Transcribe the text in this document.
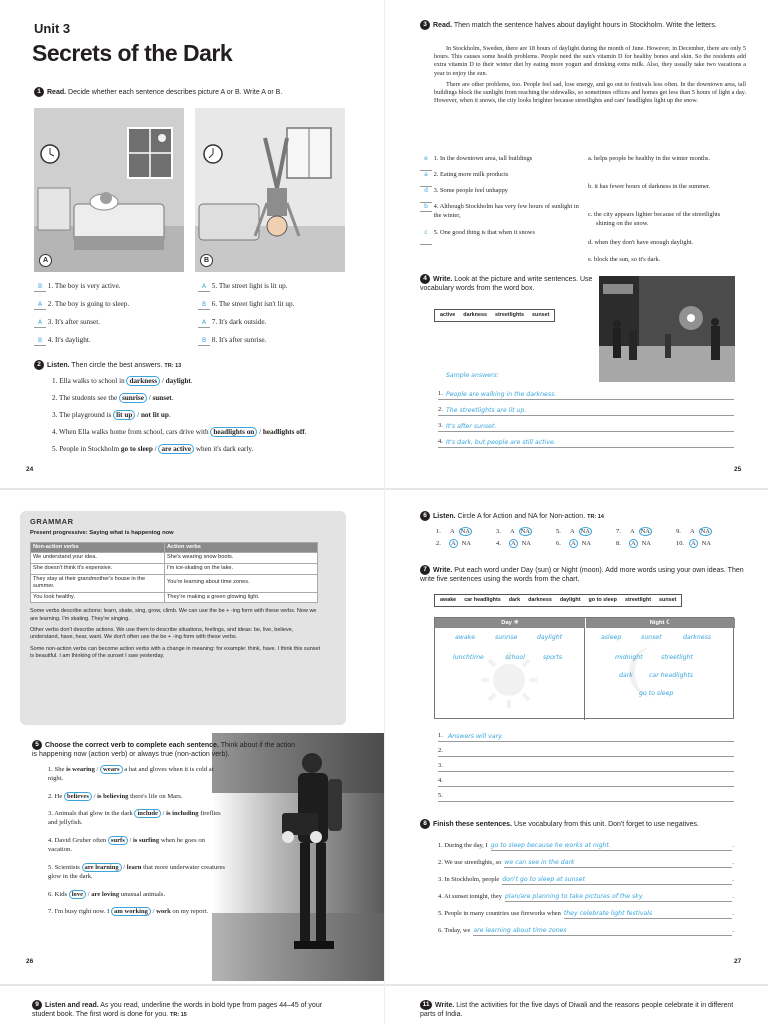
Unit 3
Secrets of the Dark
1 Read. Decide whether each sentence describes picture A or B. Write A or B.
A	B
B 1. The boy is very active.
A 2. The boy is going to sleep.
A 3. It's after sunset.
B 4. It's daylight.
A 5. The street light is lit up.
B 6. The street light isn't lit up.
A 7. It's dark outside.
B 8. It's after sunrise.
2 Listen. Then circle the best answers. TR: 13
1. Ella walks to school in darkness / daylight.
2. The students see the sunrise / sunset.
3. The playground is lit up / not lit up.
4. When Ella walks home from school, cars drive with headlights on / headlights off.
5. People in Stockholm go to sleep / are active when it's dark early.
24
3 Read. Then match the sentence halves about daylight hours in Stockholm. Write the letters.

In Stockholm, Sweden, there are 18 hours of daylight during the month of June. However, in December, there are only 5 hours. This causes some health problems. People need the sun's vitamin D for healthy bones and skin. So the residents add extra vitamin D to their winter diet by eating more yogurt and drinking extra milk. Also, they usually take two vacations a year to enjoy the sun.

There are other problems, too. People feel sad, lose energy, and go out to festivals less often. In the downtown area, tall buildings block the sunlight from reaching the sidewalks, so sometimes offices and homes get less than 5 hours of light a day. However, when it snows, the city looks brighter because streetlights and cars' headlights light up the snow.

e
1. In the downtown area, tall buildings
a
2. Eating more milk products
d
3. Some people feel unhappy
b
4. Although Stockholm has very few hours of sunlight in the winter,
c
5. One good thing is that when it snows
a. helps people be healthy in the winter months.
b. it has fewer hours of darkness in the summer.
c. the city appears lighter because of the streetlights shining on the snow.
d. when they don't have enough daylight.
e. block the sun, so it's dark.
4 Write. Look at the picture and write sentences. Use vocabulary words from the word box.
active darkness streetlights sunset
Sample answers:
1. People are walking in the darkness.
2. The streetlights are lit up.
3. It's after sunset.
4. It's dark, but people are still active.
25
GRAMMAR
Present progressive: Saying what is happening now
Non-action verbs	Action verbs
We understand your idea.	She's wearing snow boots.
She doesn't think it's expensive.	I'm ice-skating on the lake.
They stay at their grandmother's house in the summer.	You're learning about time zones.
You look healthy.	They're making a green glowing light.

Some verbs describe actions: learn, skate, sing, grow, climb. We can use the be + -ing form with these verbs. Now we are learning. I'm skating. They're singing.

Other verbs don't describe actions. We use them to describe situations, feelings, and ideas: be, live, believe, understand, have, hear, want. We don't often use the be + -ing form with these verbs.

Some non-action verbs can become action verbs with a change in meaning: for example: think, have. I think this sunset is beautiful. I am thinking of the sunset I saw yesterday.

5 Choose the correct verb to complete each sentence. Think about if the action is happening now (action verb) or always true (non-action verb).
1. She is wearing / wears a hat and gloves when it is cold at night.
2. He believes / is believing there's life on Mars.
3. Animals that glow in the dark include / is including fireflies and jellyfish.
4. David Gruber often surfs / is surfing when he goes on vacation.
5. Scientists are learning / learn that more underwater creatures glow in the dark.
6. Kids love / are loving unusual animals.
7. I'm busy right now. I am working / work on my report.
26
6 Listen. Circle A for Action and NA for Non-action. TR: 14
1. A NA
2. A NA
3. A NA
4. A NA
5. A NA
6. A NA
7. A NA
8. A NA
9. A NA
10. A NA
7 Write. Put each word under Day (sun) or Night (moon). Add more words using your own ideas. Then write five sentences using the words from the chart.
awake car headlights dark darkness daylight go to sleep streetlight sunset
Day ☀	Night ☾
awake	sunrise	daylight
lunchtime	school	sports
asleep	sunset	darkness
midnight	streetlight
dark	car headlights
go to sleep
1. Answers will vary.
2.
3.
4.
5.
8 Finish these sentences. Use vocabulary from this unit. Don't forget to use negatives.
1. During the day, I go to sleep because he works at night.	.
2. We use streetlights, so we can see in the dark	.
3. In Stockholm, people don't go to sleep at sunset	.
4. At sunset tonight, they plan/are planning to take pictures of the sky	.
5. People in many countries use fireworks when they celebrate light festivals	.
6. Today, we are learning about time zones	.
27
9 Listen and read. As you read, underline the words in bold type from pages 44–45 of your student book. The first word is done for you. TR: 15
11 Write. List the activities for the five days of Diwali and the reasons people celebrate it in different parts of India.
